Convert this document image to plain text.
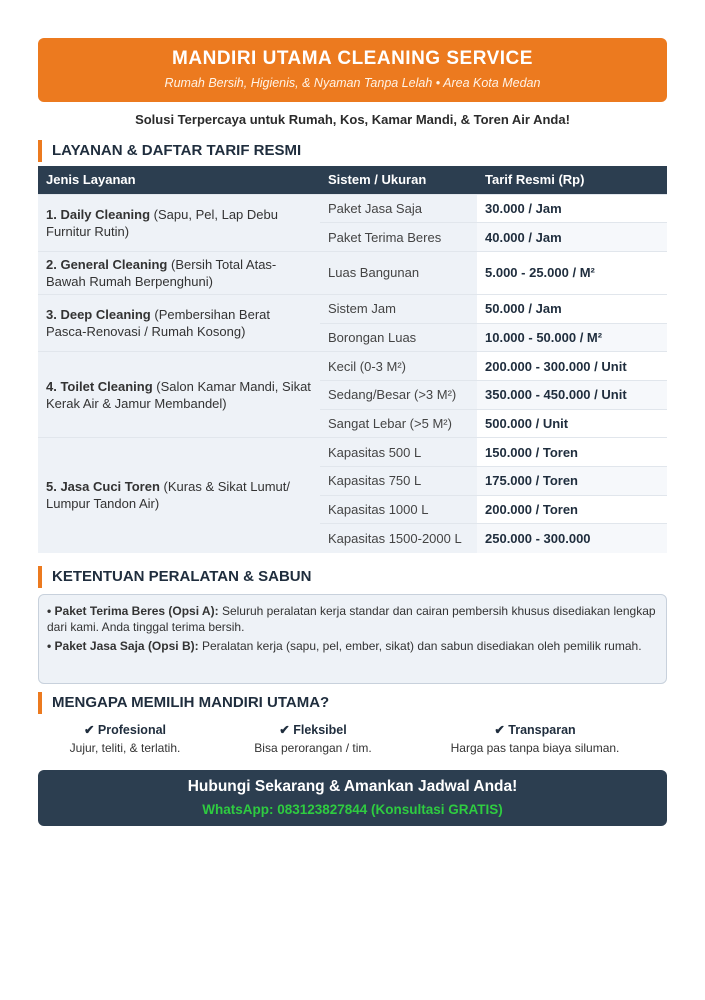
MANDIRI UTAMA CLEANING SERVICE
Rumah Bersih, Higienis, & Nyaman Tanpa Lelah • Area Kota Medan
Solusi Terpercaya untuk Rumah, Kos, Kamar Mandi, & Toren Air Anda!
LAYANAN & DAFTAR TARIF RESMI
Jenis Layanan	Sistem / Ukuran	Tarif Resmi (Rp)
1. Daily Cleaning (Sapu, Pel, Lap Debu Furnitur Rutin)	Paket Jasa Saja	30.000 / Jam
	Paket Terima Beres	40.000 / Jam
2. General Cleaning (Bersih Total Atas-Bawah Rumah Berpenghuni)	Luas Bangunan	5.000 - 25.000 / M²
3. Deep Cleaning (Pembersihan Berat Pasca-Renovasi / Rumah Kosong)	Sistem Jam	50.000 / Jam
	Borongan Luas	10.000 - 50.000 / M²
4. Toilet Cleaning (Salon Kamar Mandi, Sikat Kerak Air & Jamur Membandel)	Kecil (0-3 M²)	200.000 - 300.000 / Unit
	Sedang/Besar (>3 M²)	350.000 - 450.000 / Unit
	Sangat Lebar (>5 M²)	500.000 / Unit
5. Jasa Cuci Toren (Kuras & Sikat Lumut/ Lumpur Tandon Air)	Kapasitas 500 L	150.000 / Toren
	Kapasitas 750 L	175.000 / Toren
	Kapasitas 1000 L	200.000 / Toren
	Kapasitas 1500-2000 L	250.000 - 300.000
KETENTUAN PERALATAN & SABUN
• Paket Terima Beres (Opsi A): Seluruh peralatan kerja standar dan cairan pembersih khusus disediakan lengkap dari kami. Anda tinggal terima bersih.
• Paket Jasa Saja (Opsi B): Peralatan kerja (sapu, pel, ember, sikat) dan sabun disediakan oleh pemilik rumah.
MENGAPA MEMILIH MANDIRI UTAMA?
✔ Profesional
Jujur, teliti, & terlatih.
✔ Fleksibel
Bisa perorangan / tim.
✔ Transparan
Harga pas tanpa biaya siluman.
Hubungi Sekarang & Amankan Jadwal Anda!
WhatsApp: 083123827844 (Konsultasi GRATIS)
